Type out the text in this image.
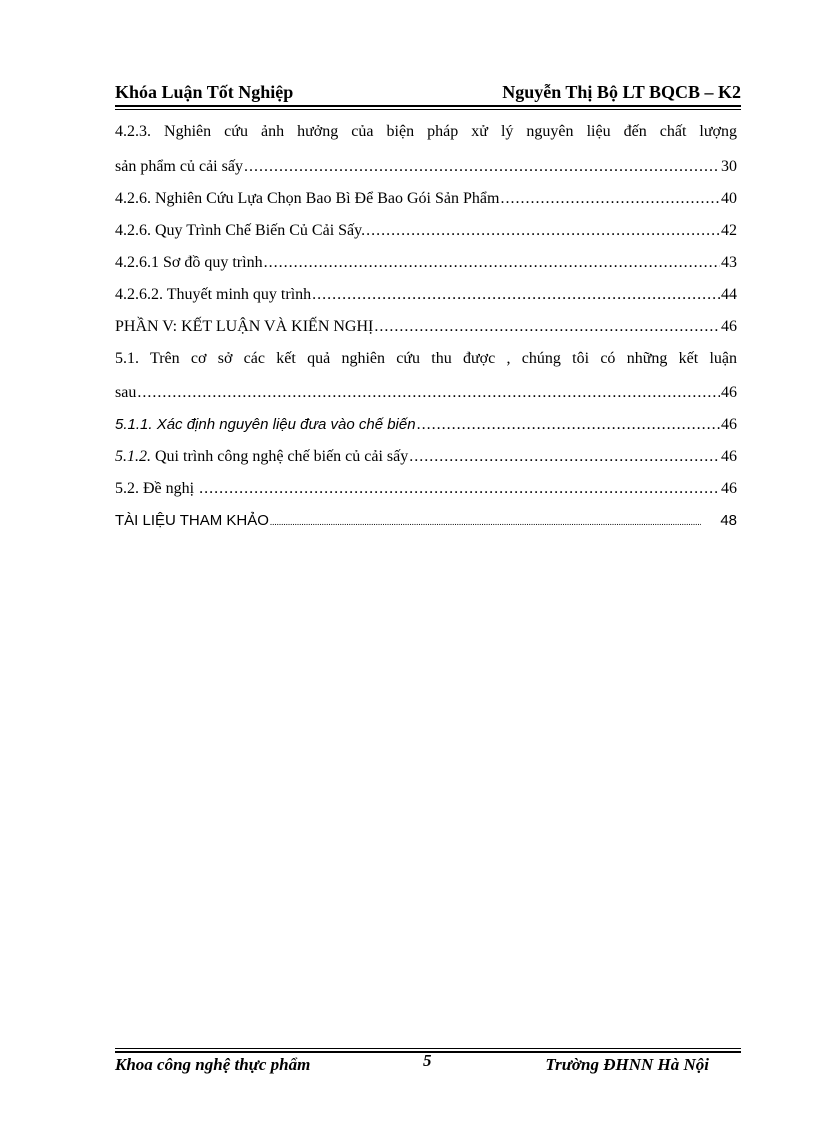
Khóa Luận Tốt Nghiệp	Nguyễn Thị Bộ LT BQCB – K2
4.2.3. Nghiên cứu ảnh hưởng của biện pháp xử lý nguyên liệu đến chất lượng
sản phẩm củ cải sấy .....	30
4.2.6. Nghiên Cứu Lựa Chọn Bao Bì Để Bao Gói Sản Phẩm .....	40
4.2.6. Quy Trình Chế Biến Củ Cải Sấy. .....	42
4.2.6.1 Sơ đồ quy trình .....	43
4.2.6.2. Thuyết minh quy trình .....	44
PHẦN V: KẾT LUẬN VÀ KIẾN NGHỊ .....	46
5.1. Trên cơ sở các kết quả nghiên cứu thu được , chúng tôi có những kết luận
sau .....	46
5.1.1. Xác định nguyên liệu đưa vào chế biến .....	46
5.1.2. Qui trình công nghệ chế biến củ cải sấy .....	46
5.2. Đề nghị .....	46
TÀI LIỆU THAM KHẢO .....	48
Khoa công nghệ thực phẩm	5	Trường ĐHNN Hà Nội
